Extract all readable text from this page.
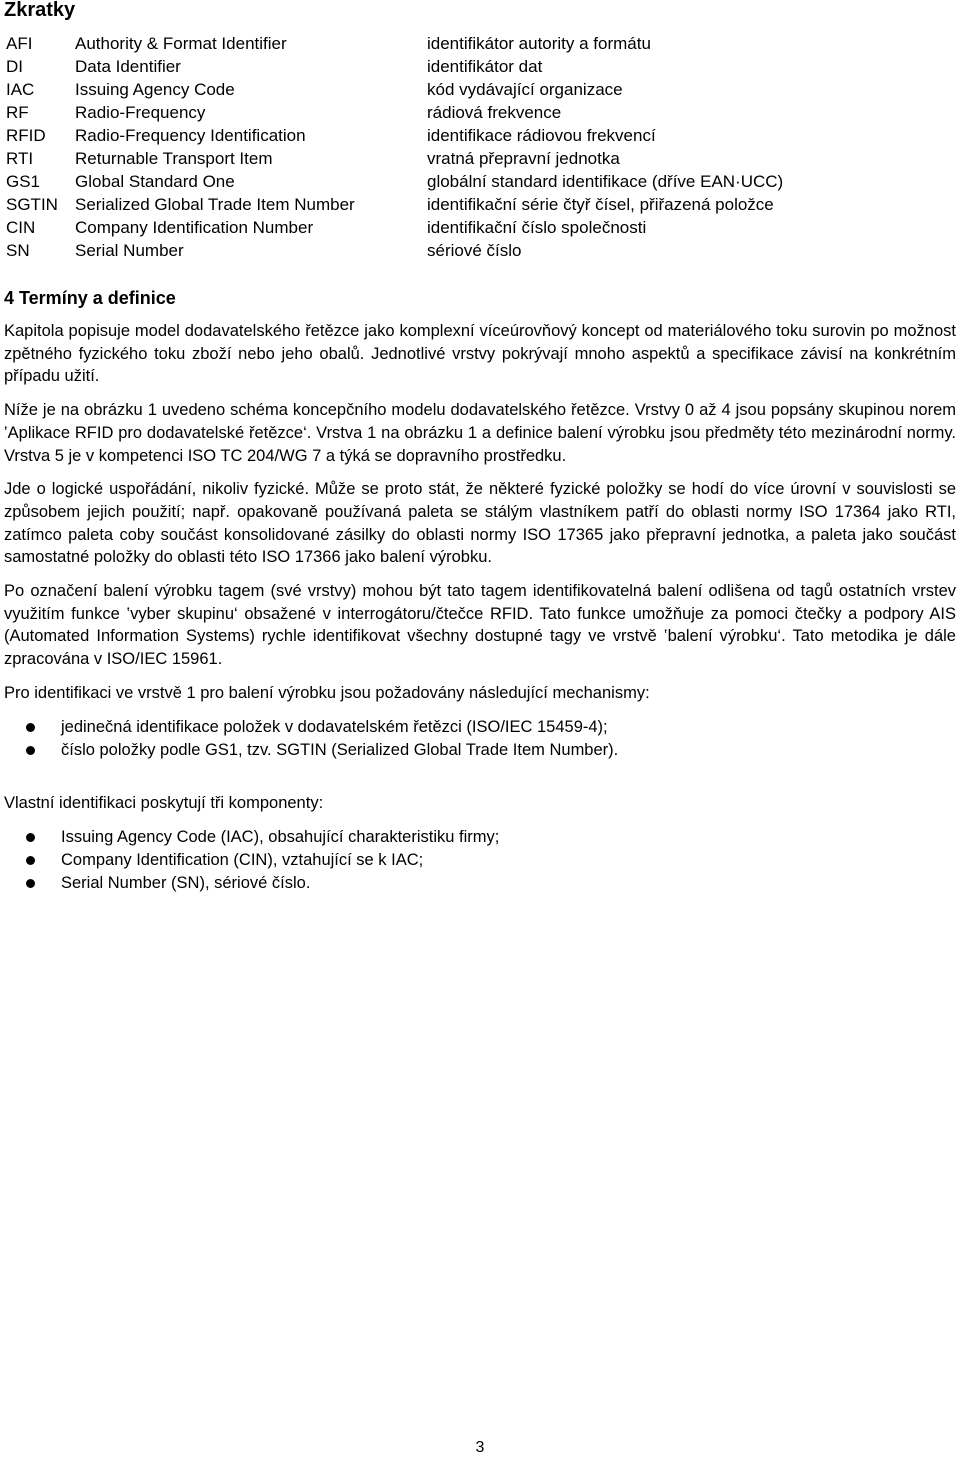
Zkratky
AFI	Authority & Format Identifier	identifikátor autority a formátu
DI	Data Identifier	identifikátor dat
IAC Issuing Agency Code	kód vydávající organizace
RF	Radio-Frequency	rádiová frekvence
RFID Radio-Frequency Identification	identifikace rádiovou frekvencí
RTI Returnable Transport Item	vratná přepravní jednotka
GS1 Global Standard One	globální standard identifikace (dříve EAN·UCC)
SGTIN Serialized Global Trade Item Number	identifikační série čtyř čísel, přiřazená položce
CIN Company Identification Number	identifikační číslo společnosti
SN	Serial Number	sériové číslo
4 Termíny a definice

Kapitola popisuje model dodavatelského řetězce jako komplexní víceúrovňový koncept od materiálového toku surovin po možnost zpětného fyzického toku zboží nebo jeho obalů. Jednotlivé vrstvy pokrývají mnoho aspektů a specifikace závisí na konkrétním případu užití.

Níže je na obrázku 1 uvedeno schéma koncepčního modelu dodavatelského řetězce. Vrstvy 0 až 4 jsou popsány skupinou norem ‛Aplikace RFID pro dodavatelské řetězce‘. Vrstva 1 na obrázku 1 a definice balení výrobku jsou předměty této mezinárodní normy. Vrstva 5 je v kompetenci ISO TC 204/WG 7 a týká se dopravního prostředku.

Jde o logické uspořádání, nikoliv fyzické. Může se proto stát, že některé fyzické položky se hodí do více úrovní v souvislosti se způsobem jejich použití; např. opakovaně používaná paleta se stálým vlastníkem patří do oblasti normy ISO 17364 jako RTI, zatímco paleta coby součást konsolidované zásilky do oblasti normy ISO 17365 jako přepravní jednotka, a paleta jako součást samostatné položky do oblasti této ISO 17366 jako balení výrobku.

Po označení balení výrobku tagem (své vrstvy) mohou být tato tagem identifikovatelná balení odlišena od tagů ostatních vrstev využitím funkce ‛vyber skupinu‘ obsažené v interrogátoru/čtečce RFID. Tato funkce umožňuje za pomoci čtečky a podpory AIS (Automated Information Systems) rychle identifikovat všechny dostupné tagy ve vrstvě ‛balení výrobku‘. Tato metodika je dále zpracována v ISO/IEC 15961.

Pro identifikaci ve vrstvě 1 pro balení výrobku jsou požadovány následující mechanismy:

jedinečná identifikace položek v dodavatelském řetězci (ISO/IEC 15459-4);
číslo položky podle GS1, tzv. SGTIN (Serialized Global Trade Item Number).

Vlastní identifikaci poskytují tři komponenty:

Issuing Agency Code (IAC), obsahující charakteristiku firmy;
Company Identification (CIN), vztahující se k IAC;
Serial Number (SN), sériové číslo.
3
